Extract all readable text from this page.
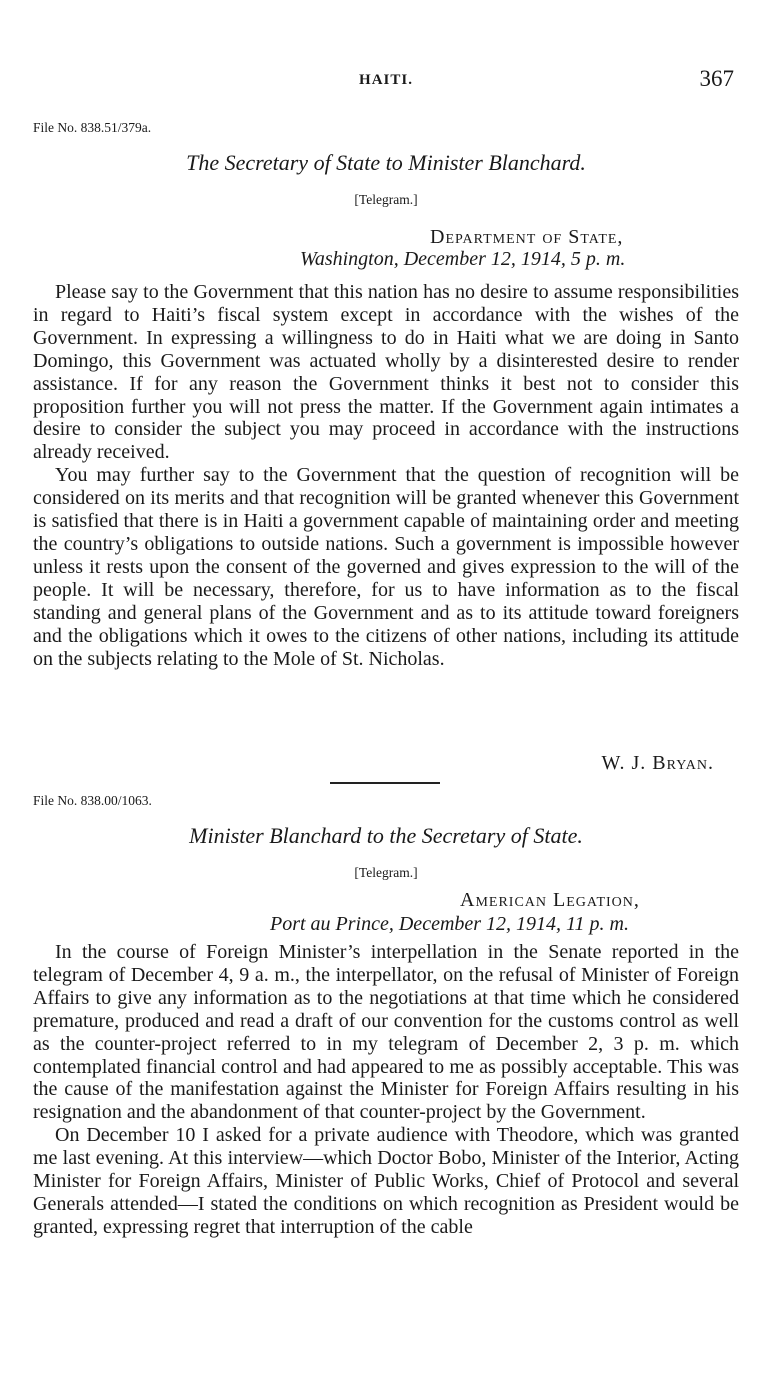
HAITI.	367
File No. 838.51/379a.
The Secretary of State to Minister Blanchard.
[Telegram.]
Department of State,
Washington, December 12, 1914, 5 p. m.

Please say to the Government that this nation has no desire to assume responsibilities in regard to Haiti’s fiscal system except in accordance with the wishes of the Government. In expressing a willingness to do in Haiti what we are doing in Santo Domingo, this Government was actuated wholly by a disinterested desire to render assistance. If for any reason the Government thinks it best not to consider this proposition further you will not press the matter. If the Government again intimates a desire to consider the subject you may proceed in accordance with the instructions already received.

You may further say to the Government that the question of recognition will be considered on its merits and that recognition will be granted whenever this Government is satisfied that there is in Haiti a government capable of maintaining order and meeting the country’s obligations to outside nations. Such a government is impossible however unless it rests upon the consent of the governed and gives expression to the will of the people. It will be necessary, therefore, for us to have information as to the fiscal standing and general plans of the Government and as to its attitude toward foreigners and the obligations which it owes to the citizens of other nations, including its attitude on the subjects relating to the Mole of St. Nicholas.

W. J. Bryan.
File No. 838.00/1063.
Minister Blanchard to the Secretary of State.
[Telegram.]
American Legation,
Port au Prince, December 12, 1914, 11 p. m.

In the course of Foreign Minister’s interpellation in the Senate reported in the telegram of December 4, 9 a. m., the interpellator, on the refusal of Minister of Foreign Affairs to give any information as to the negotiations at that time which he considered premature, produced and read a draft of our convention for the customs control as well as the counter-project referred to in my telegram of December 2, 3 p. m. which contemplated financial control and had appeared to me as possibly acceptable. This was the cause of the manifestation against the Minister for Foreign Affairs resulting in his resignation and the abandonment of that counter-project by the Government.

On December 10 I asked for a private audience with Theodore, which was granted me last evening. At this interview—which Doctor Bobo, Minister of the Interior, Acting Minister for Foreign Affairs, Minister of Public Works, Chief of Protocol and several Generals attended—I stated the conditions on which recognition as President would be granted, expressing regret that interruption of the cable
